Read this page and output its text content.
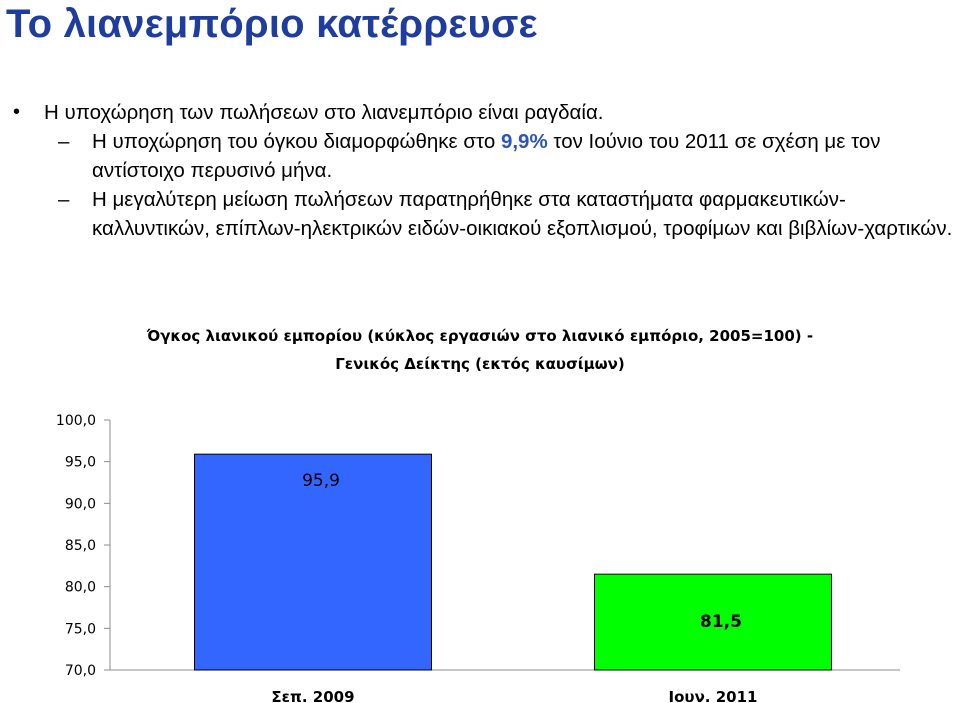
Το λιανεμπόριο κατέρρευσε
• Η υποχώρηση των πωλήσεων στο λιανεμπόριο είναι ραγδαία.
– Η υποχώρηση του όγκου διαμορφώθηκε στο 9,9% τον Ιούνιο του 2011 σε σχέση με τον αντίστοιχο περυσινό μήνα.
– Η μεγαλύτερη μείωση πωλήσεων παρατηρήθηκε στα καταστήματα φαρμακευτικών-καλλυντικών, επίπλων-ηλεκτρικών ειδών-οικιακού εξοπλισμού, τροφίμων και βιβλίων-χαρτικών.
Όγκος λιανικού εμπορίου (κύκλος εργασιών στο λιανικό εμπόριο, 2005=100) -
Γενικός Δείκτης (εκτός καυσίμων)
100,0
95,0
90,0
85,0
80,0
75,0
70,0
95,9
Σεπ. 2009
81,5
Ιουν. 2011
